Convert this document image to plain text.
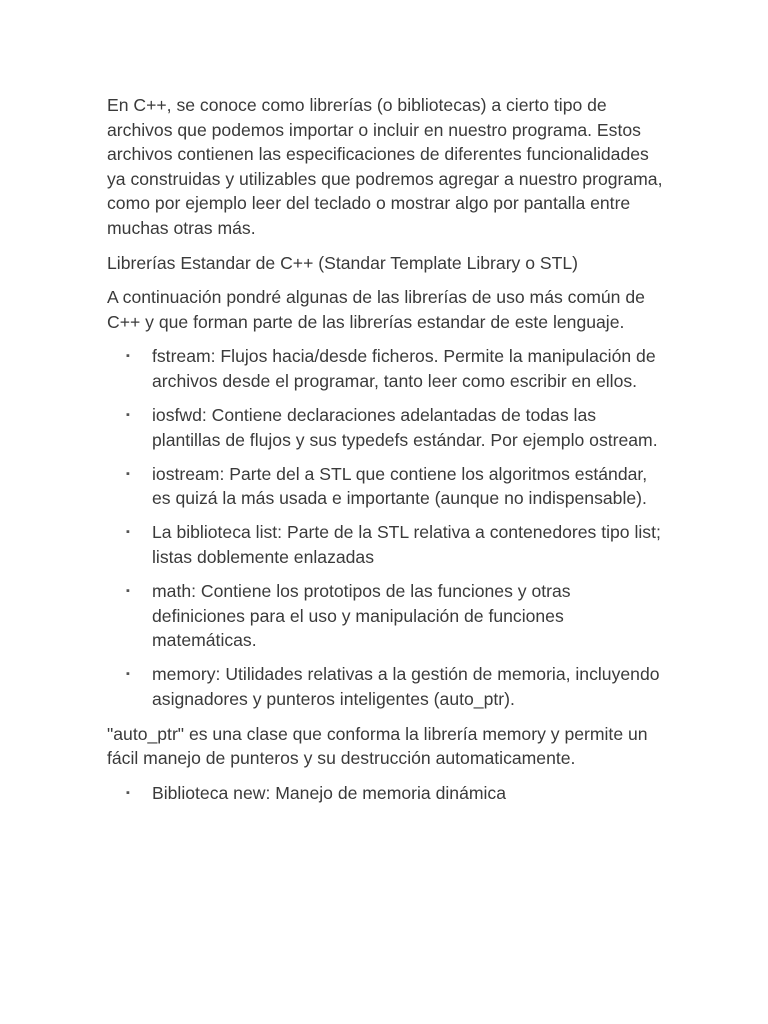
En C++, se conoce como librerías (o bibliotecas) a cierto tipo de archivos que podemos importar o incluir en nuestro programa. Estos archivos contienen las especificaciones de diferentes funcionalidades ya construidas y utilizables que podremos agregar a nuestro programa, como por ejemplo leer del teclado o mostrar algo por pantalla entre muchas otras más.

Librerías Estandar de C++ (Standar Template Library o STL)

A continuación pondré algunas de las librerías de uso más común de C++ y que forman parte de las librerías estandar de este lenguaje.

▪ fstream: Flujos hacia/desde ficheros. Permite la manipulación de archivos desde el programar, tanto leer como escribir en ellos.
▪ iosfwd: Contiene declaraciones adelantadas de todas las plantillas de flujos y sus typedefs estándar. Por ejemplo ostream.
▪ iostream: Parte del a STL que contiene los algoritmos estándar, es quizá la más usada e importante (aunque no indispensable).
▪ La biblioteca list: Parte de la STL relativa a contenedores tipo list; listas doblemente enlazadas
▪ math: Contiene los prototipos de las funciones y otras definiciones para el uso y manipulación de funciones matemáticas.
▪ memory: Utilidades relativas a la gestión de memoria, incluyendo asignadores y punteros inteligentes (auto_ptr).

"auto_ptr" es una clase que conforma la librería memory y permite un fácil manejo de punteros y su destrucción automaticamente.

▪ Biblioteca new: Manejo de memoria dinámica
